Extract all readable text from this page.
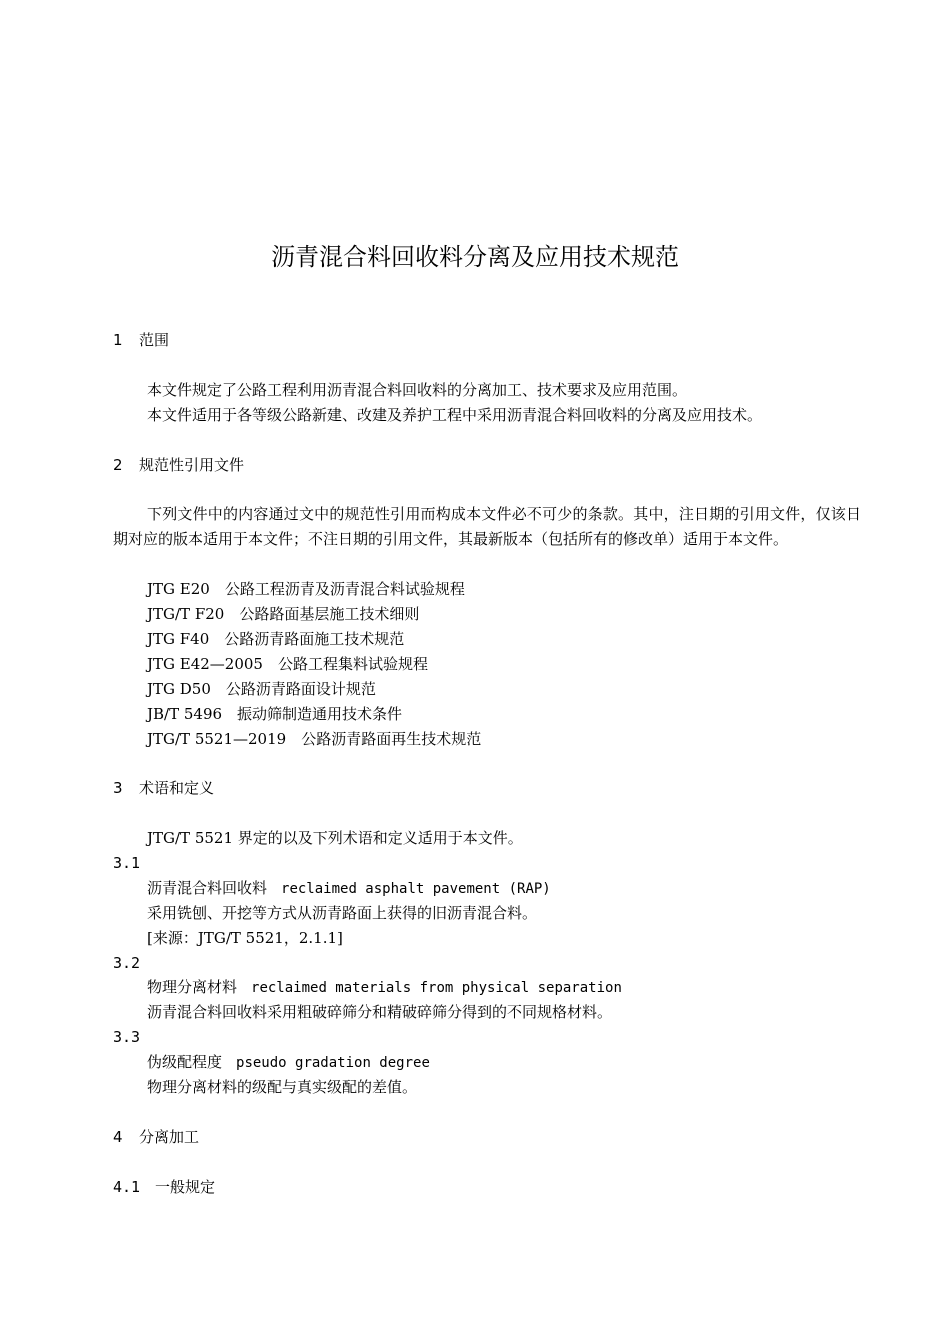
沥青混合料回收料分离及应用技术规范
1 范围
本文件规定了公路工程利用沥青混合料回收料的分离加工、技术要求及应用范围。
本文件适用于各等级公路新建、改建及养护工程中采用沥青混合料回收料的分离及应用技术。
2 规范性引用文件
下列文件中的内容通过文中的规范性引用而构成本文件必不可少的条款。其中，注日期的引用文件，仅该日期对应的版本适用于本文件；不注日期的引用文件，其最新版本（包括所有的修改单）适用于本文件。
JTG E20  公路工程沥青及沥青混合料试验规程
JTG/T F20  公路路面基层施工技术细则
JTG F40  公路沥青路面施工技术规范
JTG E42—2005  公路工程集料试验规程
JTG D50  公路沥青路面设计规范
JB/T 5496  振动筛制造通用技术条件
JTG/T 5521—2019  公路沥青路面再生技术规范
3 术语和定义
JTG/T 5521 界定的以及下列术语和定义适用于本文件。
3.1
沥青混合料回收料 reclaimed asphalt pavement (RAP)
采用铣刨、开挖等方式从沥青路面上获得的旧沥青混合料。
[来源：JTG/T 5521，2.1.1]
3.2
物理分离材料 reclaimed materials from physical separation
沥青混合料回收料采用粗破碎筛分和精破碎筛分得到的不同规格材料。
3.3
伪级配程度 pseudo gradation degree
物理分离材料的级配与真实级配的差值。
4 分离加工
4.1 一般规定
